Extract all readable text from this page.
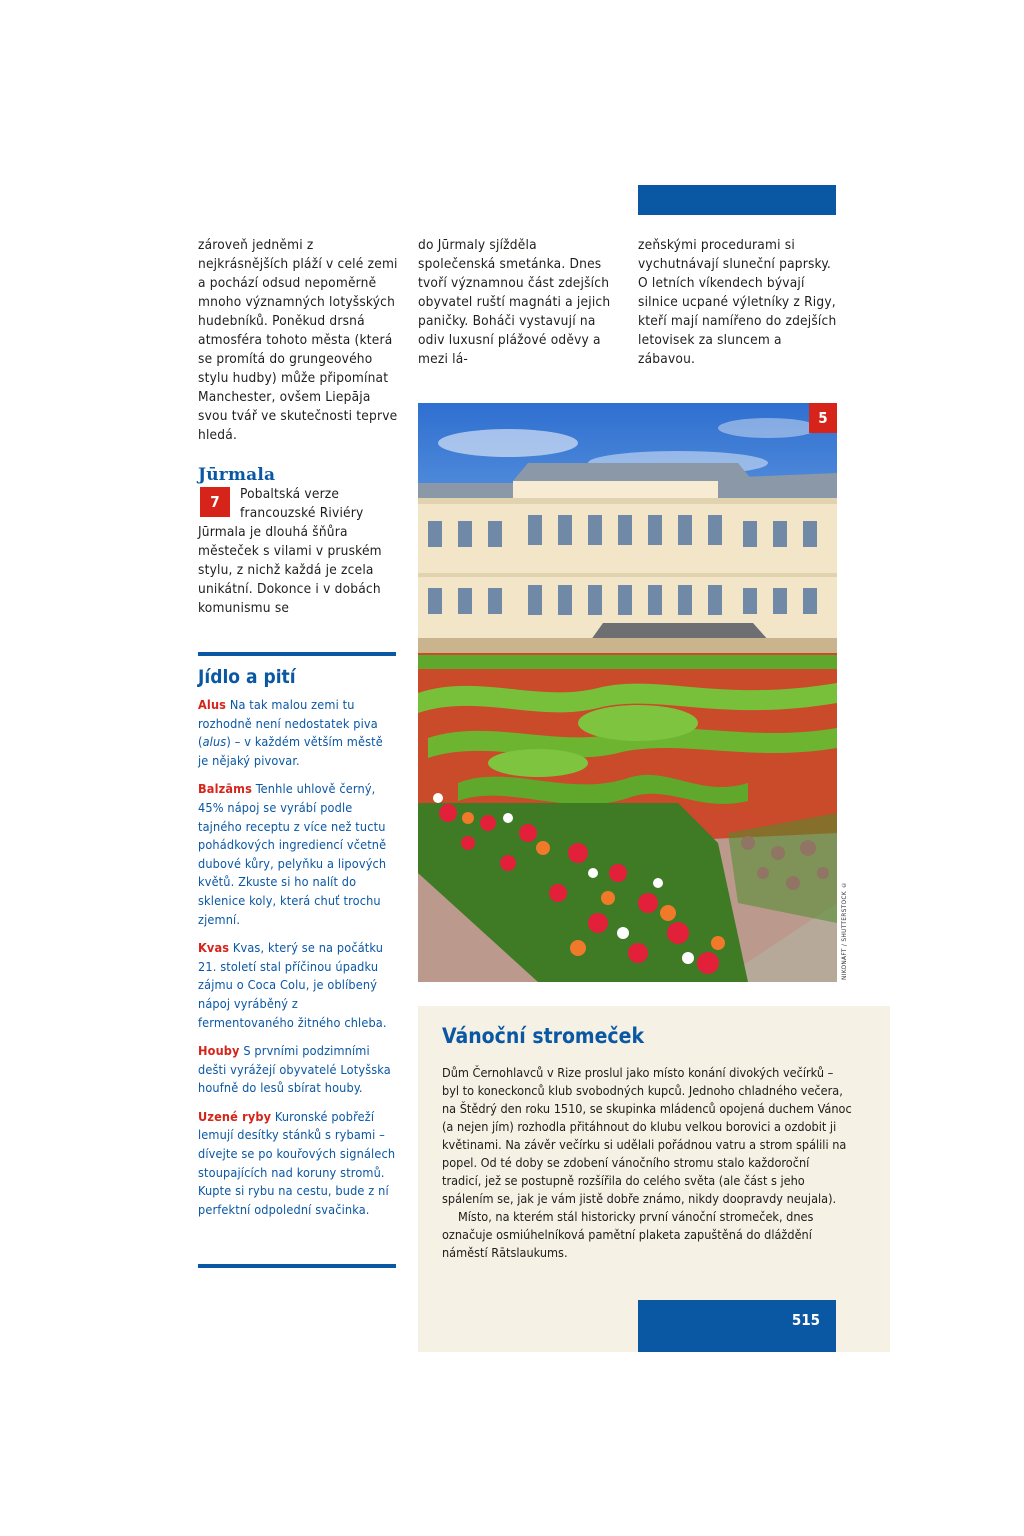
zároveň jedněmi z nejkrásnějších pláží v celé zemi a pochází odsud nepoměrně mnoho významných lotyšských hudebníků. Poněkud drsná atmosféra tohoto města (která se promítá do grungeového stylu hudby) může připomínat Manchester, ovšem Liepāja svou tvář ve skutečnosti teprve hledá.

Jūrmala

7	Pobaltská verze francouzské Riviéry Jūrmala je dlouhá šňůra městeček s vilami v pruském stylu, z nichž každá je zcela unikátní. Dokonce i v dobách komunismu se

do Jūrmaly sjížděla společenská smetánka. Dnes tvoří významnou část zdejších obyvatel ruští magnáti a jejich paničky. Boháči vystavují na odiv luxusní plážové oděvy a mezi lá-

zeňskými procedurami si vychutnávají sluneční paprsky. O letních víkendech bývají silnice ucpané výletníky z Rigy, kteří mají namířeno do zdejších letovisek za sluncem a zábavou.

Jídlo a pití

Alus Na tak malou zemi tu rozhodně není nedostatek piva (alus) – v každém větším městě je nějaký pivovar.

Balzāms Tenhle uhlově černý, 45% nápoj se vyrábí podle tajného receptu z více než tuctu pohádkových ingrediencí včetně dubové kůry, pelyňku a lipových květů. Zkuste si ho nalít do sklenice koly, která chuť trochu zjemní.

Kvas Kvas, který se na počátku 21. století stal příčinou úpadku zájmu o Coca Colu, je oblíbený nápoj vyráběný z fermentovaného žitného chleba.

Houby S prvními podzimními dešti vyrážejí obyvatelé Lotyšska houfně do lesů sbírat houby.

Uzené ryby Kuronské pobřeží lemují desítky stánků s rybami – dívejte se po kouřových signálech stoupajících nad koruny stromů. Kupte si rybu na cestu, bude z ní perfektní odpolední svačinka.

5
NIKONAFT / SHUTTERSTOCK ©
Vánoční stromeček

Dům Černohlavců v Rize proslul jako místo konání divokých večírků – byl to koneckonců klub svobodných kupců. Jednoho chladného večera, na Štědrý den roku 1510, se skupinka mládenců opojená duchem Vánoc (a nejen jím) rozhodla přitáhnout do klubu velkou borovici a ozdobit ji květinami. Na závěr večírku si udělali pořádnou vatru a strom spálili na popel. Od té doby se zdobení vánočního stromu stalo každoroční tradicí, jež se postupně rozšířila do celého světa (ale část s jeho spálením se, jak je vám jistě dobře známo, nikdy doopravdy neujala).

Místo, na kterém stál historicky první vánoční stromeček, dnes označuje osmiúhelníková pamětní plaketa zapuštěná do dláždění náměstí Rātslaukums.

515
